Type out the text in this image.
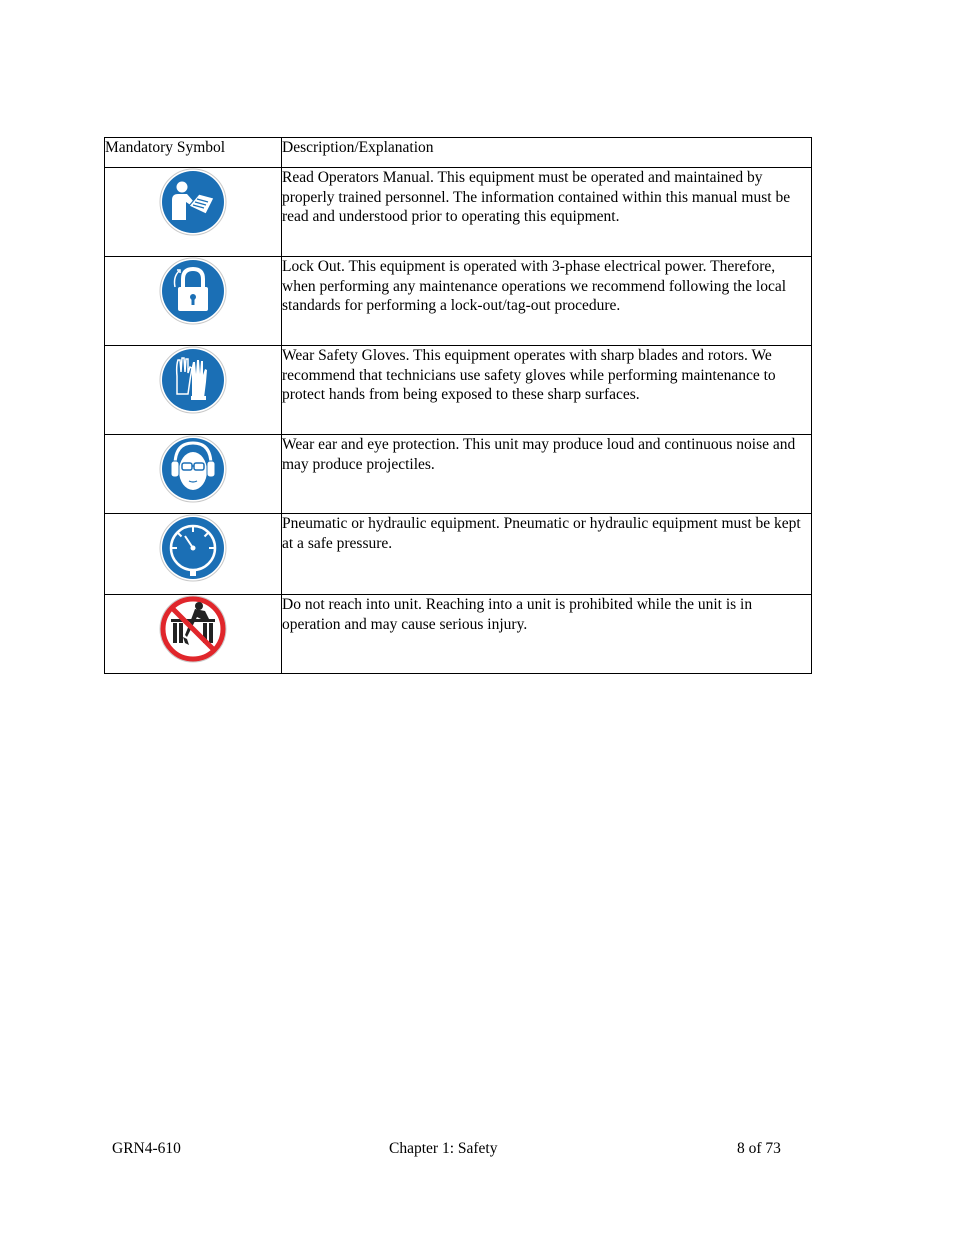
Mandatory Symbol	Description/Explanation

	Read Operators Manual. This equipment must be operated and maintained by properly trained personnel. The information contained within this manual must be read and understood prior to operating this equipment.

	Lock Out. This equipment is operated with 3-phase electrical power. Therefore, when performing any maintenance operations we recommend following the local standards for performing a lock-out/tag-out procedure.

	Wear Safety Gloves. This equipment operates with sharp blades and rotors. We recommend that technicians use safety gloves while performing maintenance to protect hands from being exposed to these sharp surfaces.

	Wear ear and eye protection. This unit may produce loud and continuous noise and may produce projectiles.

	Pneumatic or hydraulic equipment. Pneumatic or hydraulic equipment must be kept at a safe pressure.

	Do not reach into unit. Reaching into a unit is prohibited while the unit is in operation and may cause serious injury.
GRN4-610	Chapter 1: Safety	8 of 73
